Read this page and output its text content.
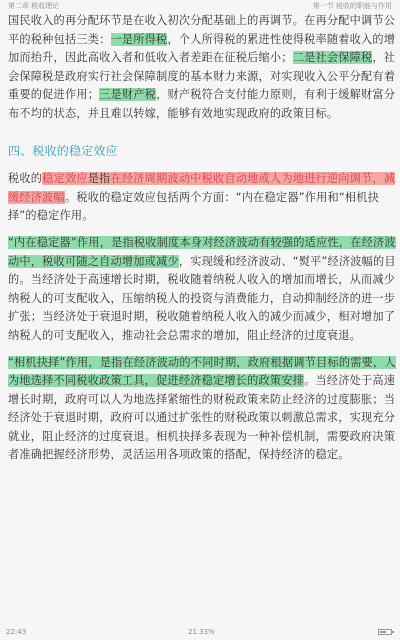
第二章 税收理论	第一节 税收的职能与作用

国民收入的再分配环节是在收入初次分配基础上的再调节。在再分配中调节公平的税种包括三类：一是所得税，个人所得税的累进性使得税率随着收入的增加而抬升，因此高收入者和低收入者差距在征税后缩小；二是社会保障税，社会保障税是政府实行社会保障制度的基本财力来源，对实现收入公平分配有着重要的促进作用；三是财产税，财产税符合支付能力原则，有利于缓解财富分布不均的状态，并且难以转嫁，能够有效地实现政府的政策目标。

四、税收的稳定效应

税收的稳定效应是指在经济周期波动中税收自动地或人为地进行逆向调节，减缓经济波幅。税收的稳定效应包括两个方面：“内在稳定器”作用和“相机抉择”的稳定作用。

“内在稳定器”作用，是指税收制度本身对经济波动有较强的适应性，在经济波动中，税收可随之自动增加或减少，实现缓和经济波动、“熨平”经济波幅的目的。当经济处于高速增长时期，税收随着纳税人收入的增加而增长，从而减少纳税人的可支配收入，压缩纳税人的投资与消费能力，自动抑制经济的进一步扩张；当经济处于衰退时期，税收随着纳税人收入的减少而减少，相对增加了纳税人的可支配收入，推动社会总需求的增加，阻止经济的过度衰退。

“相机抉择”作用，是指在经济波动的不同时期，政府根据调节目标的需要，人为地选择不同税收政策工具，促进经济稳定增长的政策安排。当经济处于高速增长时期，政府可以人为地选择紧缩性的财税政策来防止经济的过度膨胀；当经济处于衰退时期，政府可以通过扩张性的财税政策以刺激总需求，实现充分就业，阻止经济的过度衰退。相机抉择多表现为一种补偿机制，需要政府决策者准确把握经济形势，灵活运用各项政策的搭配，保持经济的稳定。

22:43	21.33%
